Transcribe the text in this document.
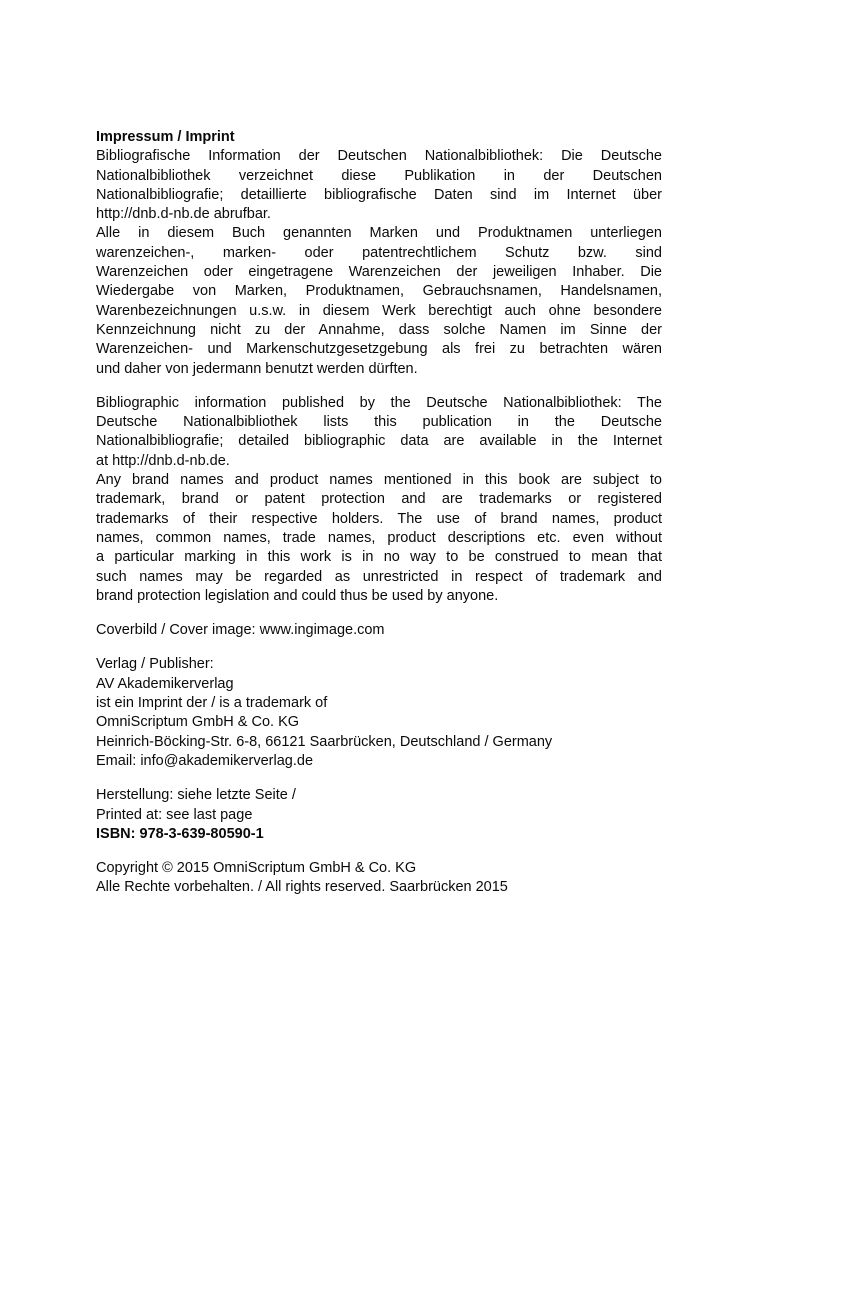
Impressum / Imprint
Bibliografische Information der Deutschen Nationalbibliothek: Die Deutsche
Nationalbibliothek verzeichnet diese Publikation in der Deutschen
Nationalbibliografie; detaillierte bibliografische Daten sind im Internet über
http://dnb.d-nb.de abrufbar.
Alle in diesem Buch genannten Marken und Produktnamen unterliegen
warenzeichen-, marken- oder patentrechtlichem Schutz bzw. sind
Warenzeichen oder eingetragene Warenzeichen der jeweiligen Inhaber. Die
Wiedergabe von Marken, Produktnamen, Gebrauchsnamen, Handelsnamen,
Warenbezeichnungen u.s.w. in diesem Werk berechtigt auch ohne besondere
Kennzeichnung nicht zu der Annahme, dass solche Namen im Sinne der
Warenzeichen- und Markenschutzgesetzgebung als frei zu betrachten wären
und daher von jedermann benutzt werden dürften.
Bibliographic information published by the Deutsche Nationalbibliothek: The
Deutsche Nationalbibliothek lists this publication in the Deutsche
Nationalbibliografie; detailed bibliographic data are available in the Internet
at http://dnb.d-nb.de.
Any brand names and product names mentioned in this book are subject to
trademark, brand or patent protection and are trademarks or registered
trademarks of their respective holders. The use of brand names, product
names, common names, trade names, product descriptions etc. even without
a particular marking in this work is in no way to be construed to mean that
such names may be regarded as unrestricted in respect of trademark and
brand protection legislation and could thus be used by anyone.
Coverbild / Cover image: www.ingimage.com
Verlag / Publisher:
AV Akademikerverlag
ist ein Imprint der / is a trademark of
OmniScriptum GmbH & Co. KG
Heinrich-Böcking-Str. 6-8, 66121 Saarbrücken, Deutschland / Germany
Email: info@akademikerverlag.de
Herstellung: siehe letzte Seite /
Printed at: see last page
ISBN: 978-3-639-80590-1
Copyright © 2015 OmniScriptum GmbH & Co. KG
Alle Rechte vorbehalten. / All rights reserved. Saarbrücken 2015
